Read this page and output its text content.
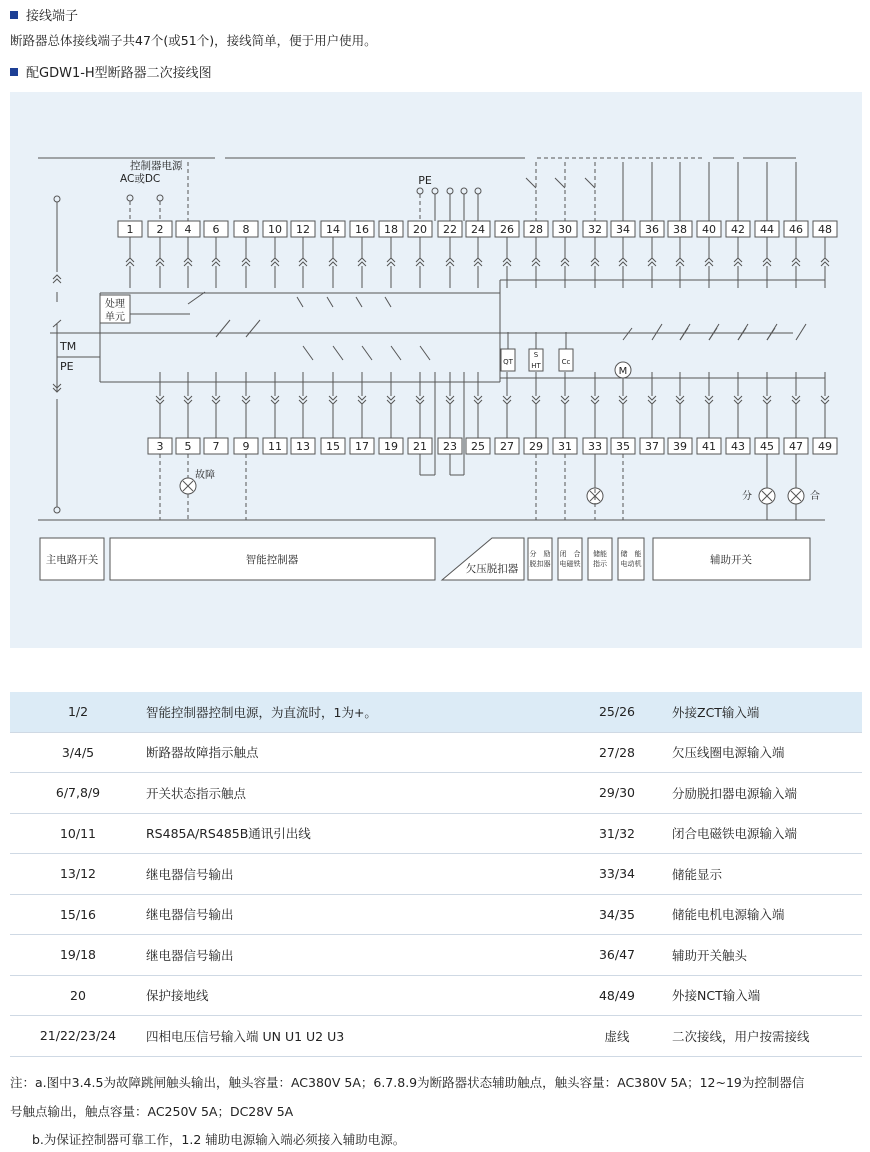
接线端子
断路器总体接线端子共47个(或51个)，接线简单，便于用户使用。
配GDW1-H型断路器二次接线图
1 2 4 6 8 10 12 14 16 18 20 22 24 26 28 30 32 34 36 38 40 42 44 46 48
3 5 7 9 11 13 15 17 19 21 23 25 27 29 31 33 35 37 39 41 43 45 47 49
控制器电源
AC或DC	PE
处理
单元
TM
PE	QT
S
HT	Cc
M
故障
分	合
主电路开关	智能控制器
欠压脱扣器
分　励
脱扣器
闭　合
电磁铁
储能
指示
储　能
电动机	辅助开关
1/2	智能控制器控制电源，为直流时，1为+。	25/26	外接ZCT输入端
3/4/5	断路器故障指示触点	27/28	欠压线圈电源输入端
6/7,8/9	开关状态指示触点	29/30	分励脱扣器电源输入端
10/11	RS485A/RS485B通讯引出线	31/32	闭合电磁铁电源输入端
13/12	继电器信号输出	33/34	储能显示
15/16	继电器信号输出	34/35	储能电机电源输入端
19/18	继电器信号输出	36/47	辅助开关触头
20	保护接地线	48/49	外接NCT输入端
21/22/23/24	四相电压信号输入端 UN U1 U2 U3	虚线	二次接线，用户按需接线
注：a.图中3.4.5为故障跳闸触头输出，触头容量：AC380V 5A；6.7.8.9为断路器状态辅助触点，触头容量：AC380V 5A；12~19为控制器信
号触点输出，触点容量：AC250V 5A；DC28V 5A
b.为保证控制器可靠工作，1.2 辅助电源输入端必须接入辅助电源。
